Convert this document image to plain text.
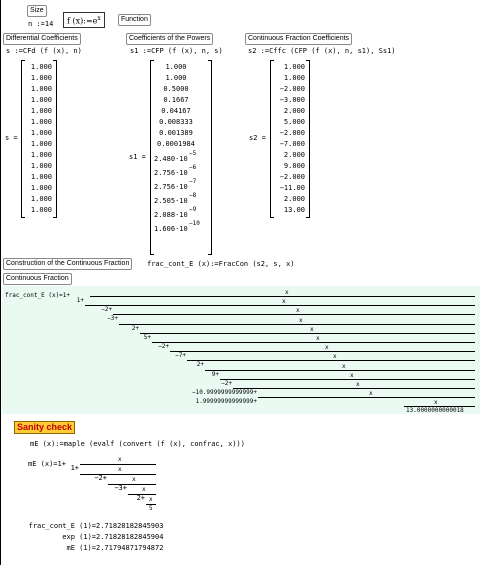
Size
n :=14	f $(x):=e^x$	Function
Differential Coefficients	Coefficients of the Powers	Continuous Fraction Coefficients
s :=CFd (f (x), n)	s1 :=CFP (f (x), n, s)	s2 :=Cffc (CFP (f (x), n, s1), Ss1)
s =
1.000
1.000
1.000
1.000
1.000
1.000
1.000
1.000
1.000
1.000
1.000
1.000
1.000
1.000
s1 =
1.000
1.000
0.5000
0.1667
0.04167
0.008333
0.001389
0.0001984
2.480·10
−5
2.756·10
−6
2.756·10
−7
2.505·10
−8
2.088·10
−9
1.606·10
−10
s2 =
1.000
1.000
−2.000
−3.000
2.000
5.000
−2.000
−7.000
2.000
9.000
−2.000
−11.00
2.000
13.00
Construction of the Continuous Fraction	frac_cont_E (x):=FracCon (s2, s, x)
Continuous Fraction
frac_cont_E (x)=1+	x
1+	x
−2+	x
−3+	x
2+	x
5+	x
−2+	x
−7+	x
2+	x
9+	x
−2+	x
−10.9999999999999+	x
1.99999999999999+	x
13.0000000000018
Sanity check
mE (x):=maple (evalf (convert (f (x), confrac, x)))
mE (x)=1+
x
1+	x
−2+	x
−3+	x
2+ x
5
frac_cont_E (1)= 2.71828182845903
exp (1)= 2.71828182845904
mE (1)= 2.71794871794872
